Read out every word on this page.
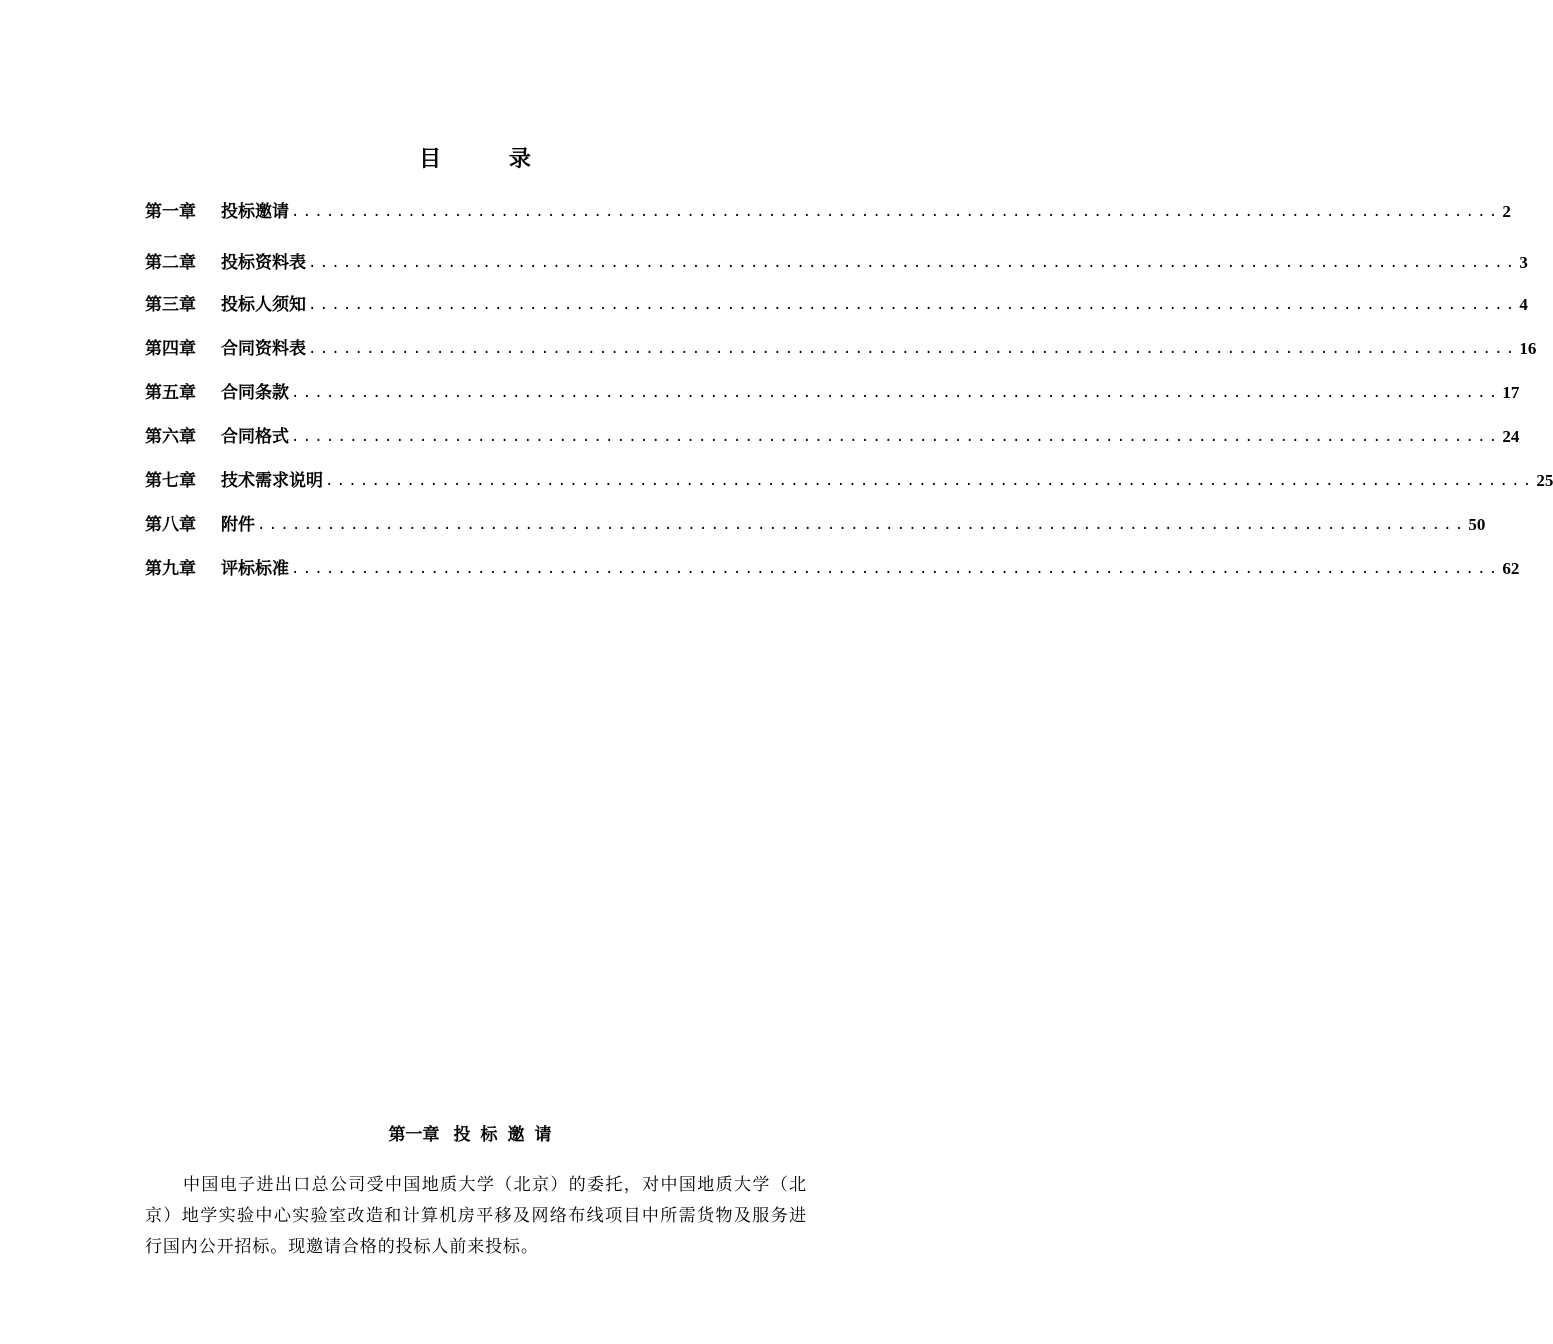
目 录
第一章	投标邀请 ........................................................................................................ 2
第二章	投标资料表 ........................................................................................................ 3
第三章	投标人须知 ........................................................................................................ 4
第四章	合同资料表 ........................................................................................................ 16
第五章	合同条款 ........................................................................................................ 17
第六章	合同格式 ........................................................................................................ 24
第七章	技术需求说明 ........................................................................................................ 25
第八章	附件 ........................................................................................................ 50
第九章	评标标准 ........................................................................................................ 62
第一章 投标邀请

中国电子进出口总公司受中国地质大学（北京）的委托，对中国地质大学（北京）地学实验中心实验室改造和计算机房平移及网络布线项目中所需货物及服务进行国内公开招标。现邀请合格的投标人前来投标。
